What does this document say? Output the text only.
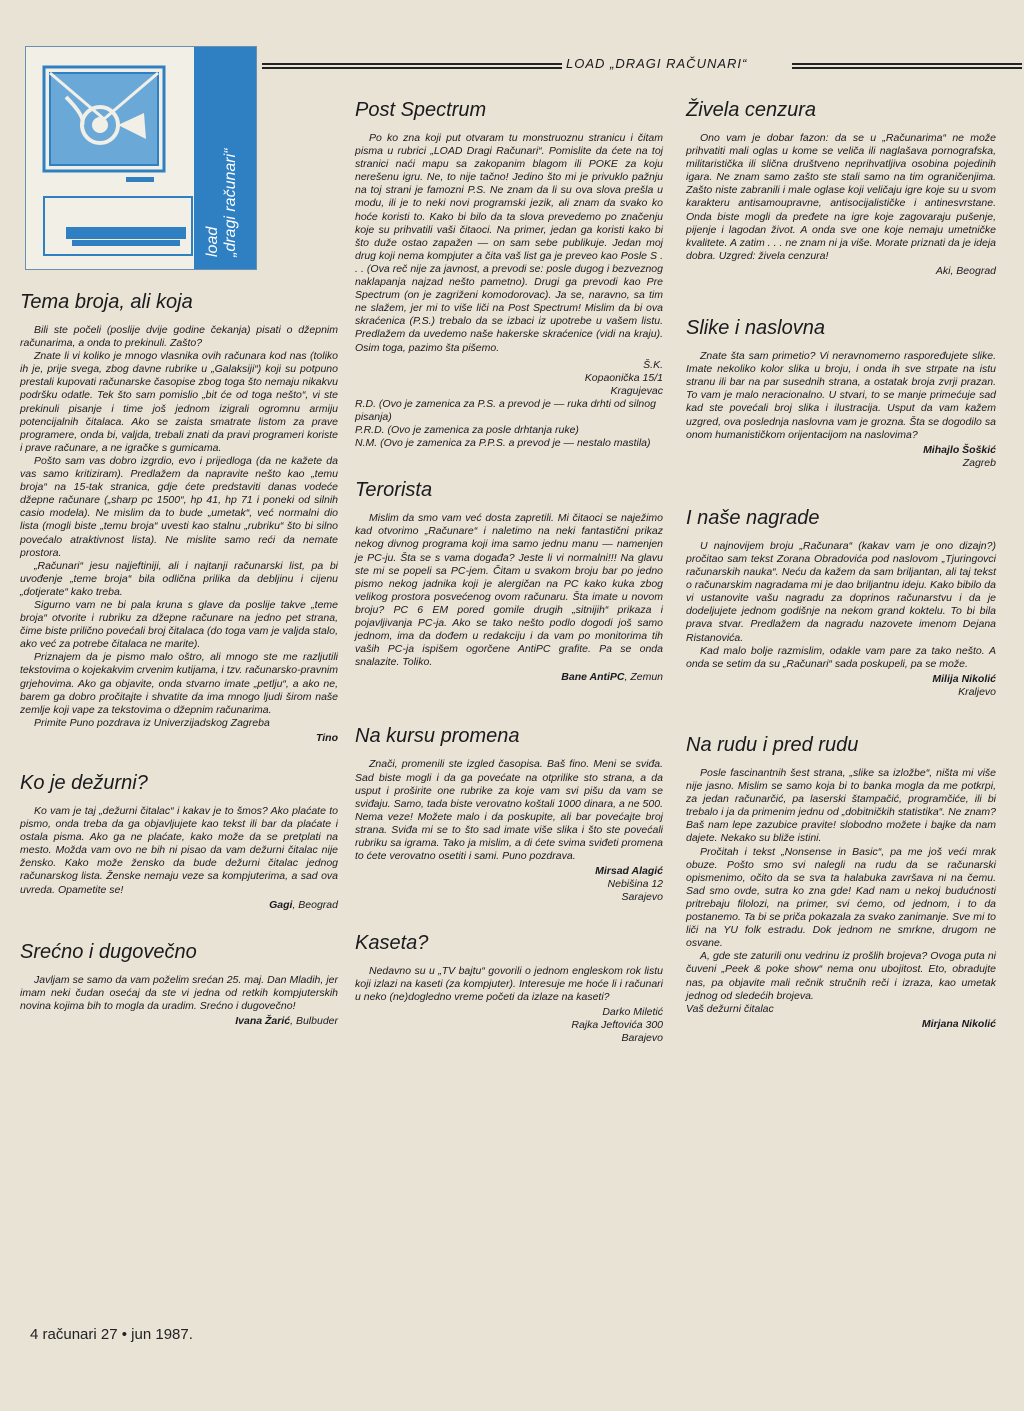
load
„dragi računari“
LOAD „DRAGI RAČUNARI“
Tema broja, ali koja

Bili ste počeli (poslije dvije godine čekanja) pisati o džepnim računarima, a onda to prekinuli. Zašto?

Znate li vi koliko je mnogo vlasnika ovih računara kod nas (toliko ih je, prije svega, zbog davne rubrike u „Galaksiji“) koji su potpuno prestali kupovati računarske časopise zbog toga što nemaju nikakvu podršku odatle. Tek što sam pomislio „bit će od toga nešto“, vi ste prekinuli pisanje i time još jednom izigrali ogromnu armiju potencijalnih čitalaca. Ako se zaista smatrate listom za prave programere, onda bi, valjda, trebali znati da pravi programeri koriste i prave računare, a ne igračke s gumicama.

Pošto sam vas dobro izgrdio, evo i prijedloga (da ne kažete da vas samo kritiziram). Predlažem da napravite nešto kao „temu broja“ na 15-tak stranica, gdje ćete predstaviti danas vodeće džepne računare („sharp pc 1500“, hp 41, hp 71 i poneki od silnih casio modela). Ne mislim da to bude „umetak“, već normalni dio lista (mogli biste „temu broja“ uvesti kao stalnu „rubriku“ što bi silno povećalo atraktivnost lista). Ne mislite samo reći da nemate prostora.

„Računari“ jesu najjeftiniji, ali i najtanji računarski list, pa bi uvođenje „teme broja“ bila odlična prilika da debljinu i cijenu „dotjerate“ kako treba.

Sigurno vam ne bi pala kruna s glave da poslije takve „teme broja“ otvorite i rubriku za džepne računare na jedno pet strana, čime biste prilično povećali broj čitalaca (do toga vam je valjda stalo, ako već za potrebe čitalaca ne marite).

Priznajem da je pismo malo oštro, ali mnogo ste me razljutili tekstovima o kojekakvim crvenim kutijama, i tzv. računarsko-pravnim grjehovima. Ako ga objavite, onda stvarno imate „petlju“, a ako ne, barem ga dobro pročitajte i shvatite da ima mnogo ljudi širom naše zemlje koji vape za tekstovima o džepnim računarima.

Primite Puno pozdrava iz Univerzijadskog Zagreba

Tino

Ko je dežurni?

Ko vam je taj „dežurni čitalac“ i kakav je to šmos? Ako plaćate to pismo, onda treba da ga objavljujete kao tekst ili bar da plaćate i ostala pisma. Ako ga ne plaćate, kako može da se pretplati na mesto. Možda vam ovo ne bih ni pisao da vam dežurni čitalac nije žensko. Kako može žensko da bude dežurni čitalac jednog računarskog lista. Ženske nemaju veze sa kompjuterima, a sad ova uvreda. Opametite se!

Gagi, Beograd

Srećno i dugovečno

Javljam se samo da vam poželim srećan 25. maj. Dan Mladih, jer imam neki čudan osećaj da ste vi jedna od retkih kompjuterskih novina kojima bih to mogla da uradim. Srećno i dugovečno!

Ivana Žarić, Bulbuder

Post Spectrum

Po ko zna koji put otvaram tu monstruoznu stranicu i čitam pisma u rubrici „LOAD Dragi Računari“. Pomislite da ćete na toj stranici naći mapu sa zakopanim blagom ili POKE za koju nerešenu igru. Ne, to nije tačno! Jedino što mi je privuklo pažnju na toj strani je famozni P.S. Ne znam da li su ova slova prešla u modu, ili je to neki novi programski jezik, ali znam da svako ko hoće koristi to. Kako bi bilo da ta slova prevedemo po značenju koje su prihvatili vaši čitaoci. Na primer, jedan ga koristi kako bi što duže ostao zapažen — on sam sebe publikuje. Jedan moj drug koji nema kompjuter a čita vaš list ga je preveo kao Posle S . . . (Ova reč nije za javnost, a prevodi se: posle dugog i bezveznog naklapanja najzad nešto pametno). Drugi ga prevodi kao Pre Spectrum (on je zagriženi komodorovac). Ja se, naravno, sa tim ne slažem, jer mi to više liči na Post Spectrum! Mislim da bi ova skraćenica (P.S.) trebalo da se izbaci iz upotrebe u vašem listu. Predlažem da uvedemo naše hakerske skraćenice (vidi na kraju). Osim toga, pazimo šta pišemo.

Š.K.

Kopaonička 15/1

Kragujevac

R.D. (Ovo je zamenica za P.S. a prevod je — ruka drhti od silnog pisanja)

P.R.D. (Ovo je zamenica za posle drhtanja ruke)

N.M. (Ovo je zamenica za P.P.S. a prevod je — nestalo mastila)

Terorista

Mislim da smo vam već dosta zapretili. Mi čitaoci se naježimo kad otvorimo „Računare“ i naletimo na neki fantastični prikaz nekog divnog programa koji ima samo jednu manu — namenjen je PC-ju. Šta se s vama događa? Jeste li vi normalni!!! Na glavu ste mi se popeli sa PC-jem. Čitam u svakom broju bar po jedno pismo nekog jadnika koji je alergičan na PC kako kuka zbog velikog prostora posvećenog ovom računaru. Šta imate u novom broju? PC 6 EM pored gomile drugih „sitnijih“ prikaza i pojavljivanja PC-ja. Ako se tako nešto podlo dogodi još samo jednom, ima da dođem u redakciju i da vam po monitorima tih vaših PC-ja ispišem ogorčene AntiPC grafite. Pa se onda snalazite. Toliko.

Bane AntiPC, Zemun

Na kursu promena

Znači, promenili ste izgled časopisa. Baš fino. Meni se sviđa. Sad biste mogli i da ga povećate na otprilike sto strana, a da usput i proširite one rubrike za koje vam svi pišu da vam se sviđaju. Samo, tada biste verovatno koštali 1000 dinara, a ne 500. Nema veze! Možete malo i da poskupite, ali bar povećajte broj strana. Sviđa mi se to što sad imate više slika i što ste povećali rubriku sa igrama. Tako ja mislim, a di ćete svima sviđeti promena to ćete verovatno osetiti i sami. Puno pozdrava.

Mirsad Alagić

Nebišina 12

Sarajevo

Kaseta?

Nedavno su u „TV bajtu“ govorili o jednom engleskom rok listu koji izlazi na kaseti (za kompjuter). Interesuje me hoće li i računari u neko (ne)dogledno vreme početi da izlaze na kaseti?

Darko Miletić

Rajka Jeftovića 300

Barajevo

Živela cenzura

Ono vam je dobar fazon: da se u „Računarima“ ne može prihvatiti mali oglas u kome se veliča ili naglašava pornografska, militaristička ili slična društveno neprihvatljiva osobina pojedinih igara. Ne znam samo zašto ste stali samo na tim ograničenjima. Zašto niste zabranili i male oglase koji veličaju igre koje su u svom karakteru antisamoupravne, antisocijalističke i antinesvrstane. Onda biste mogli da pređete na igre koje zagovaraju pušenje, pijenje i lagodan život. A onda sve one koje nemaju umetničke kvalitete. A zatim . . . ne znam ni ja više. Morate priznati da je ideja dobra. Uzgred: živela cenzura!

Aki, Beograd

Slike i naslovna

Znate šta sam primetio? Vi neravnomerno raspoređujete slike. Imate nekoliko kolor slika u broju, i onda ih sve strpate na istu stranu ili bar na par susednih strana, a ostatak broja zvrji prazan. To vam je malo neracionalno. U stvari, to se manje primećuje sad kad ste povećali broj slika i ilustracija. Usput da vam kažem uzgred, ova poslednja naslovna vam je grozna. Šta se dogodilo sa onom humanističkom orijentacijom na naslovima?

Mihajlo Šoškić

Zagreb

I naše nagrade

U najnovijem broju „Računara“ (kakav vam je ono dizajn?) pročitao sam tekst Zorana Obradovića pod naslovom „Tjuringovci računarskih nauka“. Neću da kažem da sam briljantan, ali taj tekst o računarskim nagradama mi je dao briljantnu ideju. Kako bibilo da vi ustanovite vašu nagradu za doprinos računarstvu i da je dodeljujete jednom godišnje na nekom grand koktelu. To bi bila prava stvar. Predlažem da nagradu nazovete imenom Dejana Ristanovića.

Kad malo bolje razmislim, odakle vam pare za tako nešto. A onda se setim da su „Računari“ sada poskupeli, pa se može.

Milija Nikolić

Kraljevo

Na rudu i pred rudu

Posle fascinantnih šest strana, „slike sa izložbe“, ništa mi više nije jasno. Mislim se samo koja bi to banka mogla da me potkrpi, za jedan računarčić, pa laserski štampačić, programčiće, ili bi trebalo i ja da primenim jednu od „dobitničkih statistika“. Ne znam? Baš nam lepe zazubice pravite! slobodno možete i bajke da nam dajete. Nekako su bliže istini.

Pročitah i tekst „Nonsense in Basic“, pa me još veći mrak obuze. Pošto smo svi nalegli na rudu da se računarski opismenimo, očito da se sva ta halabuka završava ni na čemu. Sad smo ovde, sutra ko zna gde! Kad nam u nekoj budućnosti pritrebaju filolozi, na primer, svi ćemo, od jednom, i to da postanemo. Ta bi se priča pokazala za svako zanimanje. Sve mi to liči na YU folk estradu. Dok jednom ne smrkne, drugom ne osvane.

A, gde ste zaturili onu vedrinu iz prošlih brojeva? Ovoga puta ni čuveni „Peek & poke show“ nema onu ubojitost. Eto, obradujte nas, pa objavite mali rečnik stručnih reči i izraza, kao umetak jednog od sledećih brojeva.

Vaš dežurni čitalac

Mirjana Nikolić

4 računari 27 • jun 1987.
